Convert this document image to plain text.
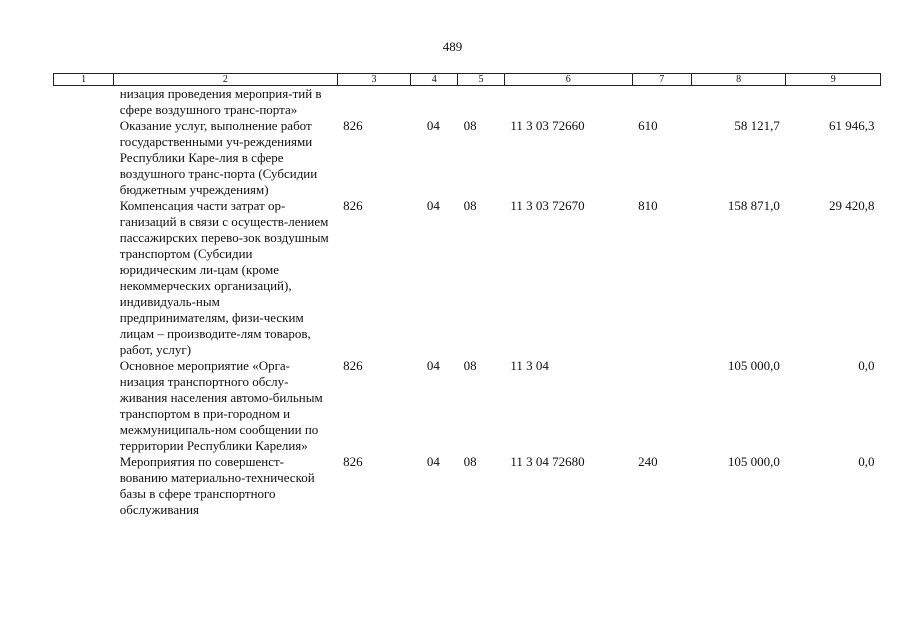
489
1	2	3	4	5	6	7	8	9
	низация проведения мероприя-тий в сфере воздушного транс-порта»							
	Оказание услуг, выполнение работ государственными уч-реждениями Республики Каре-лия в сфере воздушного транс-порта (Субсидии бюджетным учреждениям)	826	04	08	11 3 03 72660	610	58 121,7	61 946,3
	Компенсация части затрат ор-ганизаций в связи с осуществ-лением пассажирских перево-зок воздушным транспортом (Субсидии юридическим ли-цам (кроме некоммерческих организаций), индивидуаль-ным предпринимателям, физи-ческим лицам – производите-лям товаров, работ, услуг)	826	04	08	11 3 03 72670	810	158 871,0	29 420,8
	Основное мероприятие «Орга-низация транспортного обслу-живания населения автомо-бильным транспортом в при-городном и межмуниципаль-ном сообщении по территории Республики Карелия»	826	04	08	11 3 04		105 000,0	0,0
	Мероприятия по совершенст-вованию материально-технической базы в сфере транспортного обслуживания	826	04	08	11 3 04 72680	240	105 000,0	0,0
